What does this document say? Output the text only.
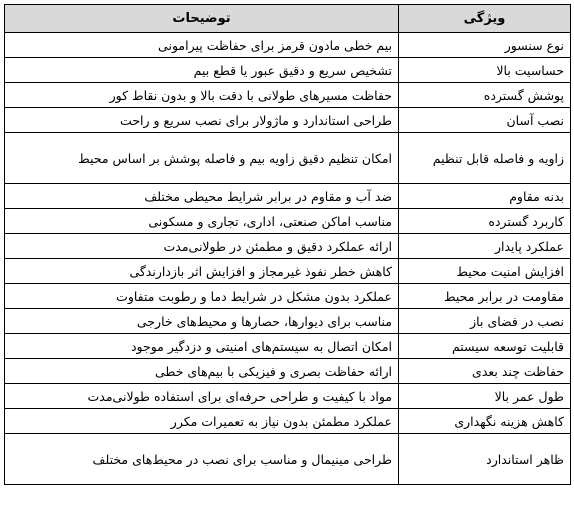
ویژگی	توضیحات
نوع سنسور	بیم خطی مادون قرمز برای حفاظت پیرامونی
حساسیت بالا	تشخیص سریع و دقیق عبور یا قطع بیم
پوشش گسترده	حفاظت مسیرهای طولانی با دقت بالا و بدون نقاط کور
نصب آسان	طراحی استاندارد و ماژولار برای نصب سریع و راحت
زاویه و فاصله قابل تنظیم	امکان تنظیم دقیق زاویه بیم و فاصله پوشش بر اساس محیط
بدنه مقاوم	ضد آب و مقاوم در برابر شرایط محیطی مختلف
کاربرد گسترده	مناسب اماکن صنعتی، اداری، تجاری و مسکونی
عملکرد پایدار	ارائه عملکرد دقیق و مطمئن در طولانی‌مدت
افزایش امنیت محیط	کاهش خطر نفوذ غیرمجاز و افزایش اثر بازدارندگی
مقاومت در برابر محیط	عملکرد بدون مشکل در شرایط دما و رطوبت متفاوت
نصب در فضای باز	مناسب برای دیوارها، حصارها و محیط‌های خارجی
قابلیت توسعه سیستم	امکان اتصال به سیستم‌های امنیتی و دزدگیر موجود
حفاظت چند بعدی	ارائه حفاظت بصری و فیزیکی با بیم‌های خطی
طول عمر بالا	مواد با کیفیت و طراحی حرفه‌ای برای استفاده طولانی‌مدت
کاهش هزینه نگهداری	عملکرد مطمئن بدون نیاز به تعمیرات مکرر
ظاهر استاندارد	طراحی مینیمال و مناسب برای نصب در محیط‌های مختلف
